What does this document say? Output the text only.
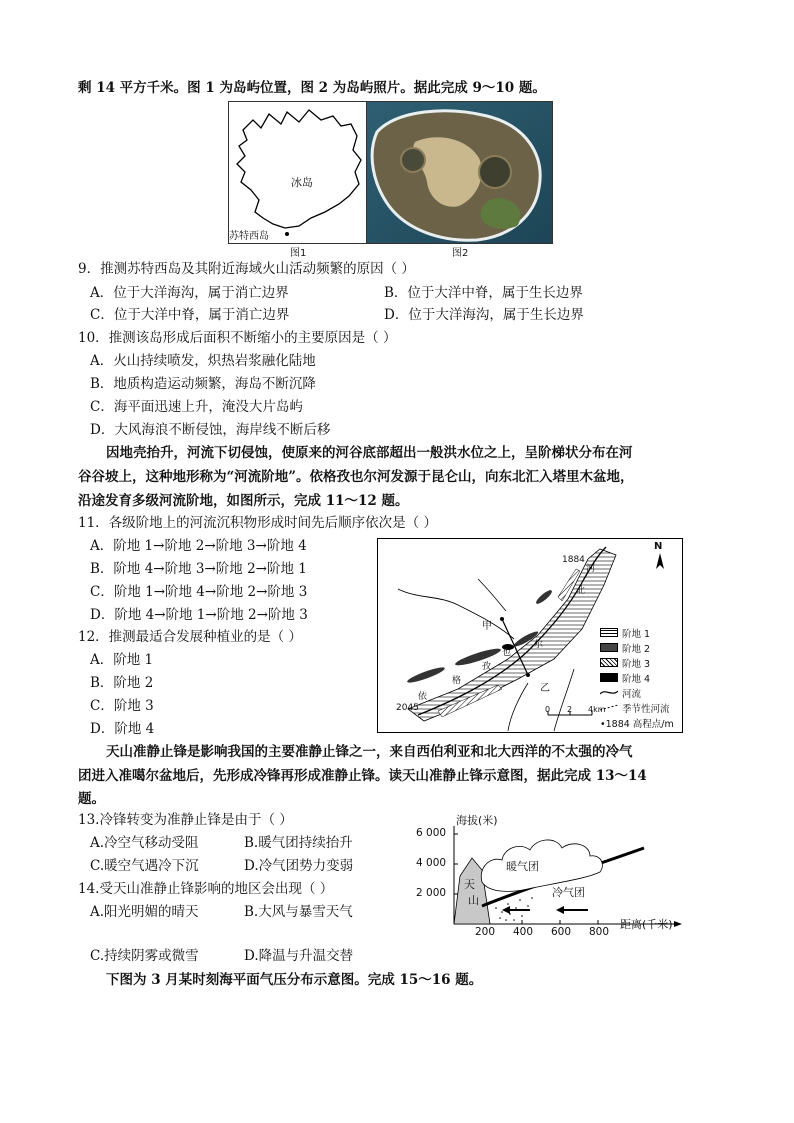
剩 14 平方千米。图 1 为岛屿位置，图 2 为岛屿照片。据此完成 9～10 题。
冰岛
苏特西岛
图1	图2
9．推测苏特西岛及其附近海域火山活动频繁的原因（ ）
A．位于大洋海沟，属于消亡边界	B．位于大洋中脊，属于生长边界
C．位于大洋中脊，属于消亡边界	D．位于大洋海沟，属于生长边界
10．推测该岛形成后面积不断缩小的主要原因是（ ）
A．火山持续喷发，炽热岩浆融化陆地
B．地质构造运动频繁，海岛不断沉降
C．海平面迅速上升，淹没大片岛屿
D．大风海浪不断侵蚀，海岸线不断后移
因地壳抬升，河流下切侵蚀，使原来的河谷底部超出一般洪水位之上，呈阶梯状分布在河
谷谷坡上，这种地形称为“河流阶地”。依格孜也尔河发源于昆仑山，向东北汇入塔里木盆地，
沿途发育多级河流阶地，如图所示，完成 11～12 题。
11．各级阶地上的河流沉积物形成时间先后顺序依次是（ ）
A．阶地 1→阶地 2→阶地 3→阶地 4
B．阶地 4→阶地 3→阶地 2→阶地 1
C．阶地 1→阶地 4→阶地 2→阶地 3
D．阶地 4→阶地 1→阶地 2→阶地 3
12．推测最适合发展种植业的是（ ）
A．阶地 1
B．阶地 2
C．阶地 3
D．阶地 4
N
1884
2045
甲
乙
河
北
尔
也
孜
格
依
0 2 4km
阶地 1
阶地 2
阶地 3
阶地 4
河流
季节性河流
•1884 高程点/m
天山准静止锋是影响我国的主要准静止锋之一，来自西伯利亚和北大西洋的不太强的冷气
团进入准噶尔盆地后，先形成冷锋再形成准静止锋。读天山准静止锋示意图，据此完成 13～14
题。
13.冷锋转变为准静止锋是由于（ ）
A.冷空气移动受阻	B.暖气团持续抬升
C.暖空气遇冷下沉	D.冷气团势力变弱
14.受天山准静止锋影响的地区会出现（ ）
A.阳光明媚的晴天	B.大风与暴雪天气
C.持续阴雾或微雪	D.降温与升温交替
海拔(米)
6 000
4 000
2 000
200 400 600 800
距离(千米)
暖气团
冷气团
天
山
下图为 3 月某时刻海平面气压分布示意图。完成 15～16 题。
